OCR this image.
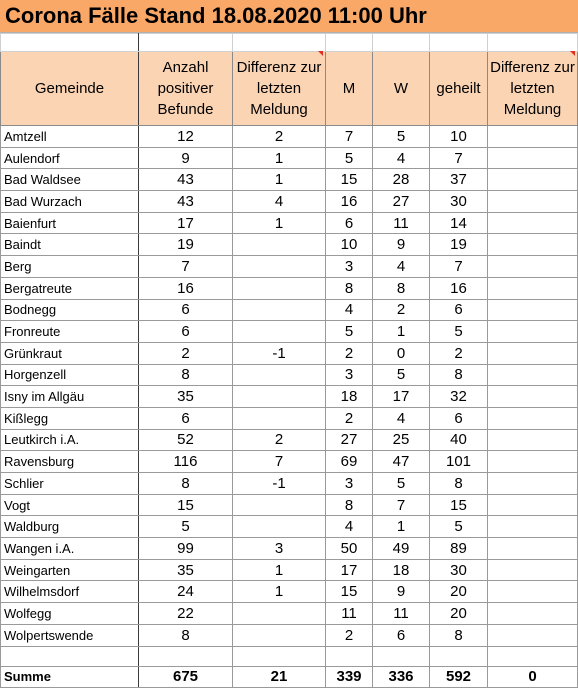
Corona Fälle Stand 18.08.2020 11:00 Uhr

Gemeinde	Anzahl positiver Befunde	Differenz zur letzten Meldung	M	W	geheilt	Differenz zur letzten Meldung
Amtzell	12	2	7	5	10	
Aulendorf	9	1	5	4	7	
Bad Waldsee	43	1	15	28	37	
Bad Wurzach	43	4	16	27	30	
Baienfurt	17	1	6	11	14	
Baindt	19		10	9	19	
Berg	7		3	4	7	
Bergatreute	16		8	8	16	
Bodnegg	6		4	2	6	
Fronreute	6		5	1	5	
Grünkraut	2	-1	2	0	2	
Horgenzell	8		3	5	8	
Isny im Allgäu	35		18	17	32	
Kißlegg	6		2	4	6	
Leutkirch i.A.	52	2	27	25	40	
Ravensburg	116	7	69	47	101	
Schlier	8	-1	3	5	8	
Vogt	15		8	7	15	
Waldburg	5		4	1	5	
Wangen i.A.	99	3	50	49	89	
Weingarten	35	1	17	18	30	
Wilhelmsdorf	24	1	15	9	20	
Wolfegg	22		11	11	20	
Wolpertswende	8		2	6	8	

Summe	675	21	339	336	592	0
